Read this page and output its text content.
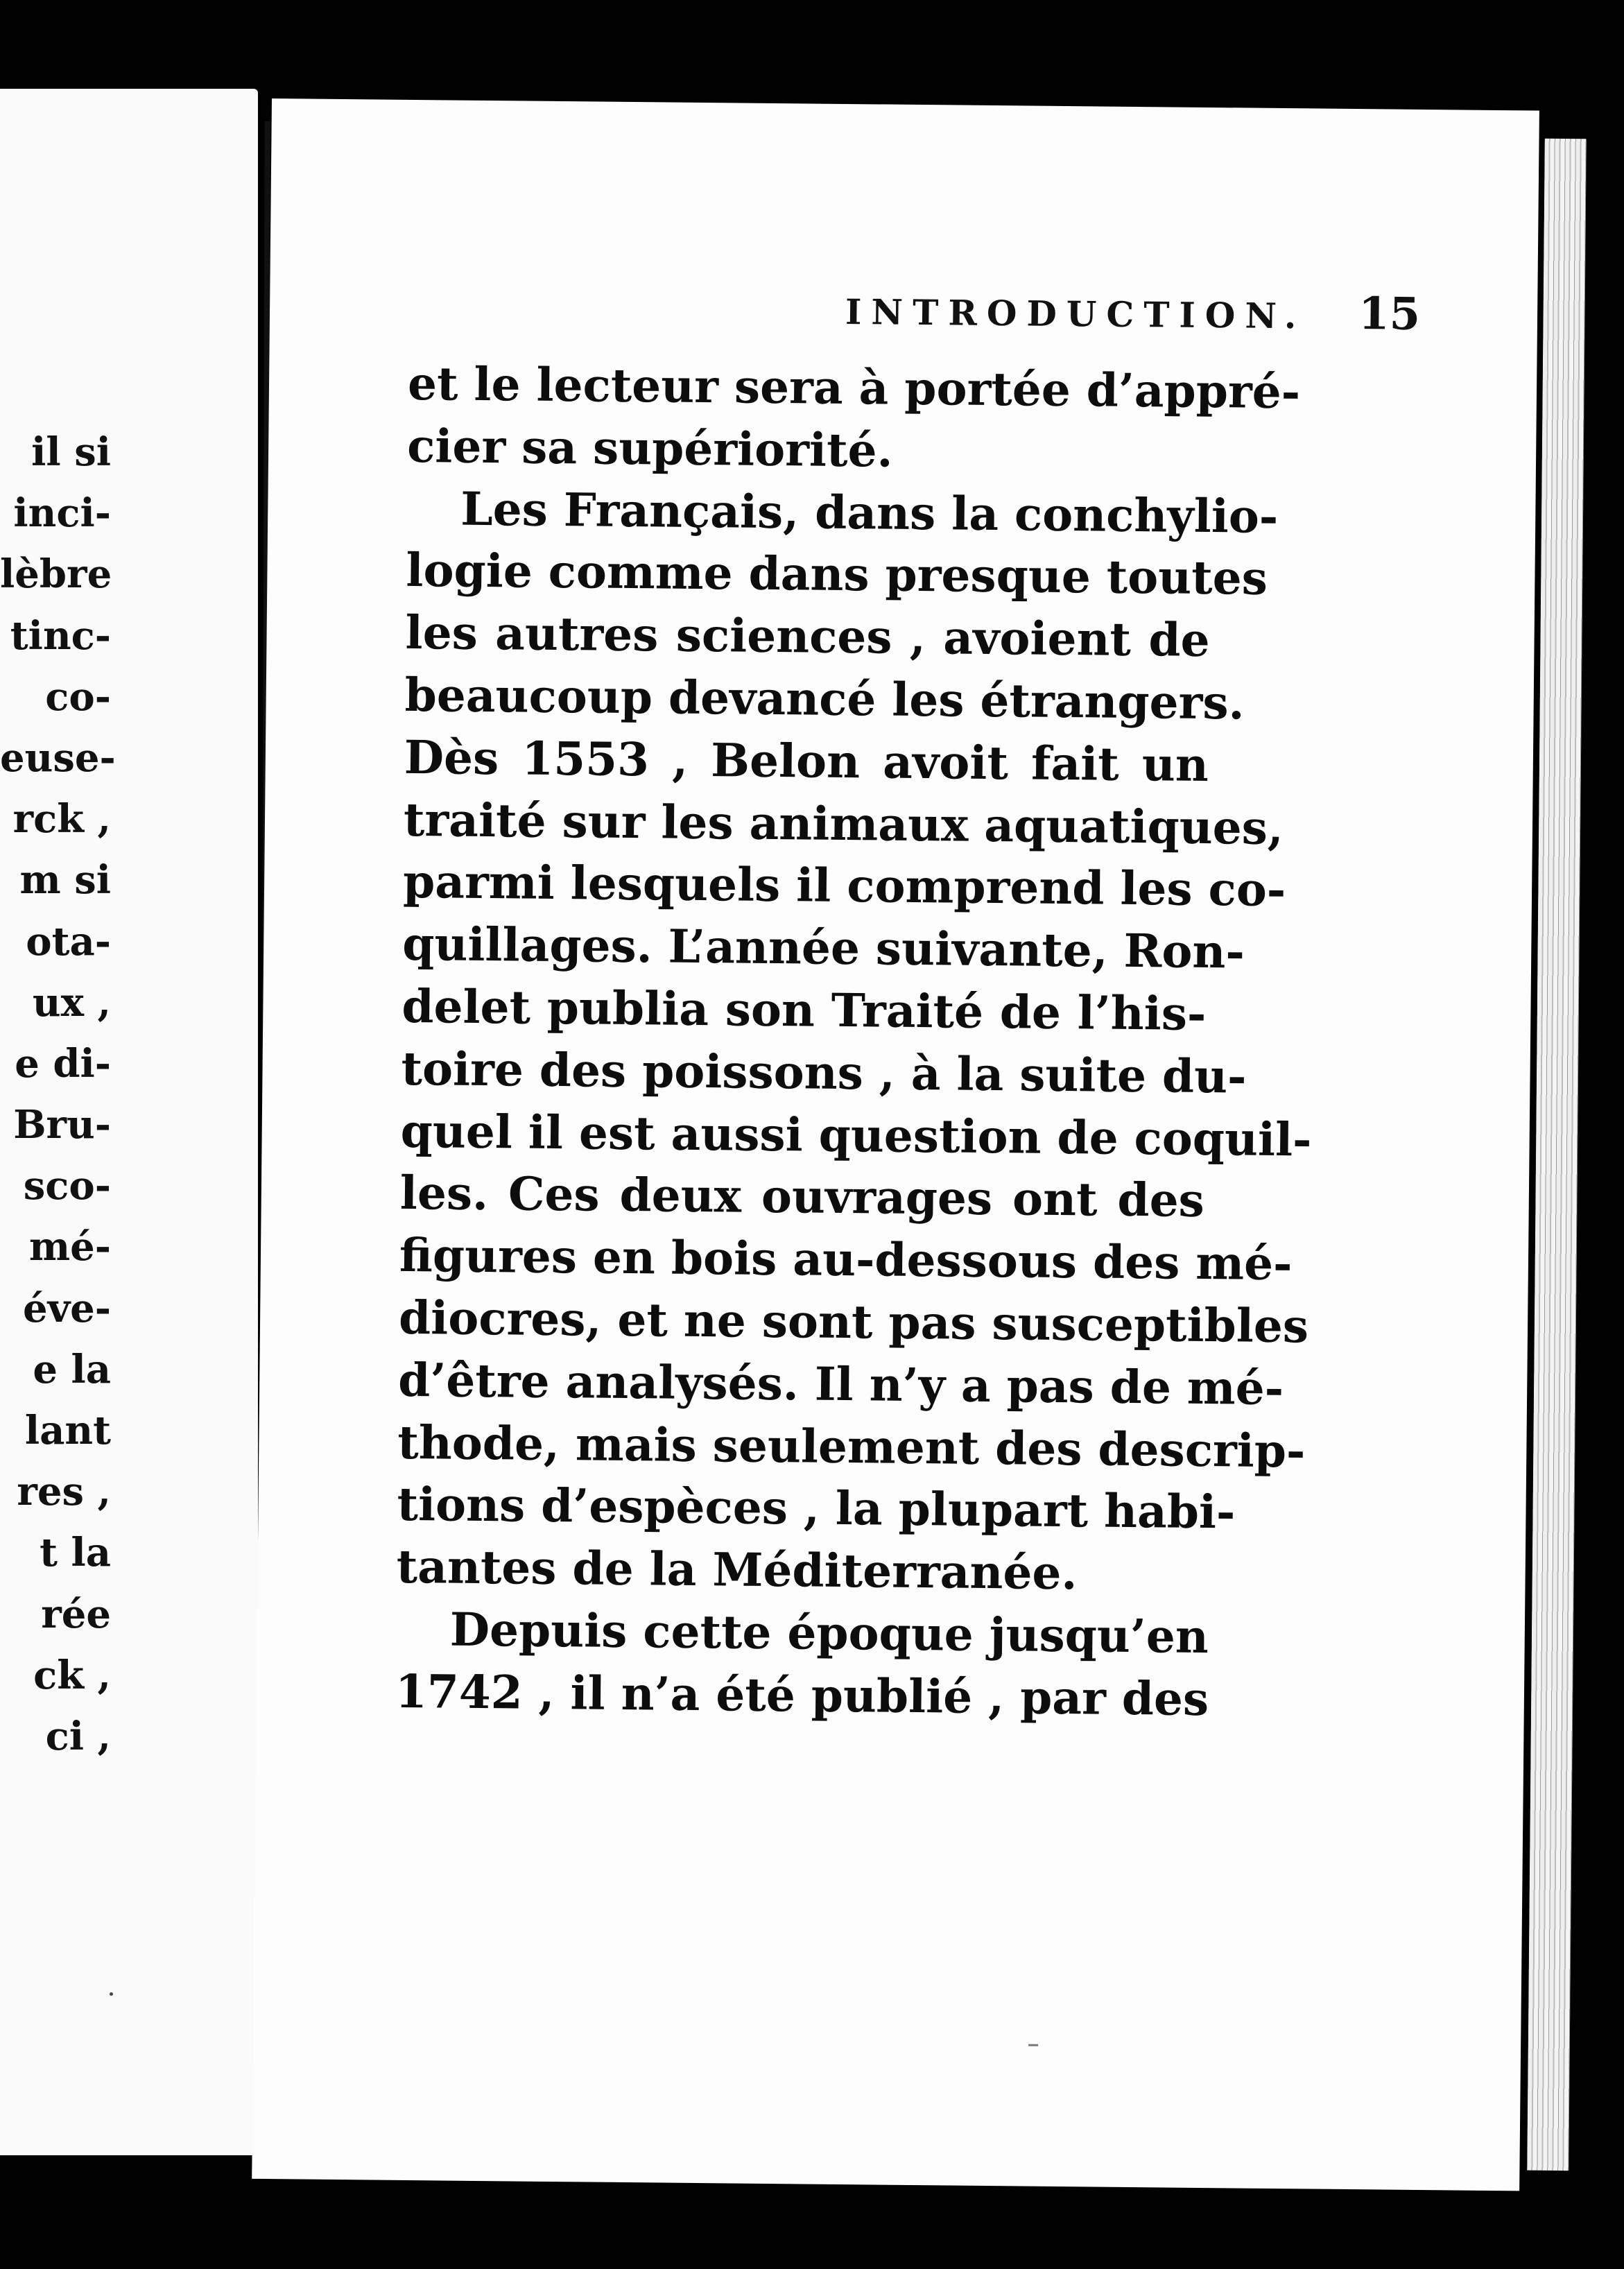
il si
inci-
lèbre
tinc-
co-
euse-
rck ,
m si
ota-
ux ,
e di-
Bru-
sco-
mé-
éve-
e la
lant
res ,
t la
rée
ck ,
ci ,
INTRODUCTION. 15
et le lecteur sera à portée d’appré-
cier sa supériorité.
Les Français, dans la conchylio-
logie comme dans presque toutes
les autres sciences , avoient de
beaucoup devancé les étrangers.
Dès 1553 , Belon avoit fait un
traité sur les animaux aquatiques,
parmi lesquels il comprend les co-
quillages. L’année suivante, Ron-
delet publia son Traité de l’his-
toire des poissons , à la suite du-
quel il est aussi question de coquil-
les. Ces deux ouvrages ont des
figures en bois au-dessous des mé-
diocres, et ne sont pas susceptibles
d’être analysés. Il n’y a pas de mé-
thode, mais seulement des descrip-
tions d’espèces , la plupart habi-
tantes de la Méditerranée.
Depuis cette époque jusqu’en
1742 , il n’a été publié , par des
